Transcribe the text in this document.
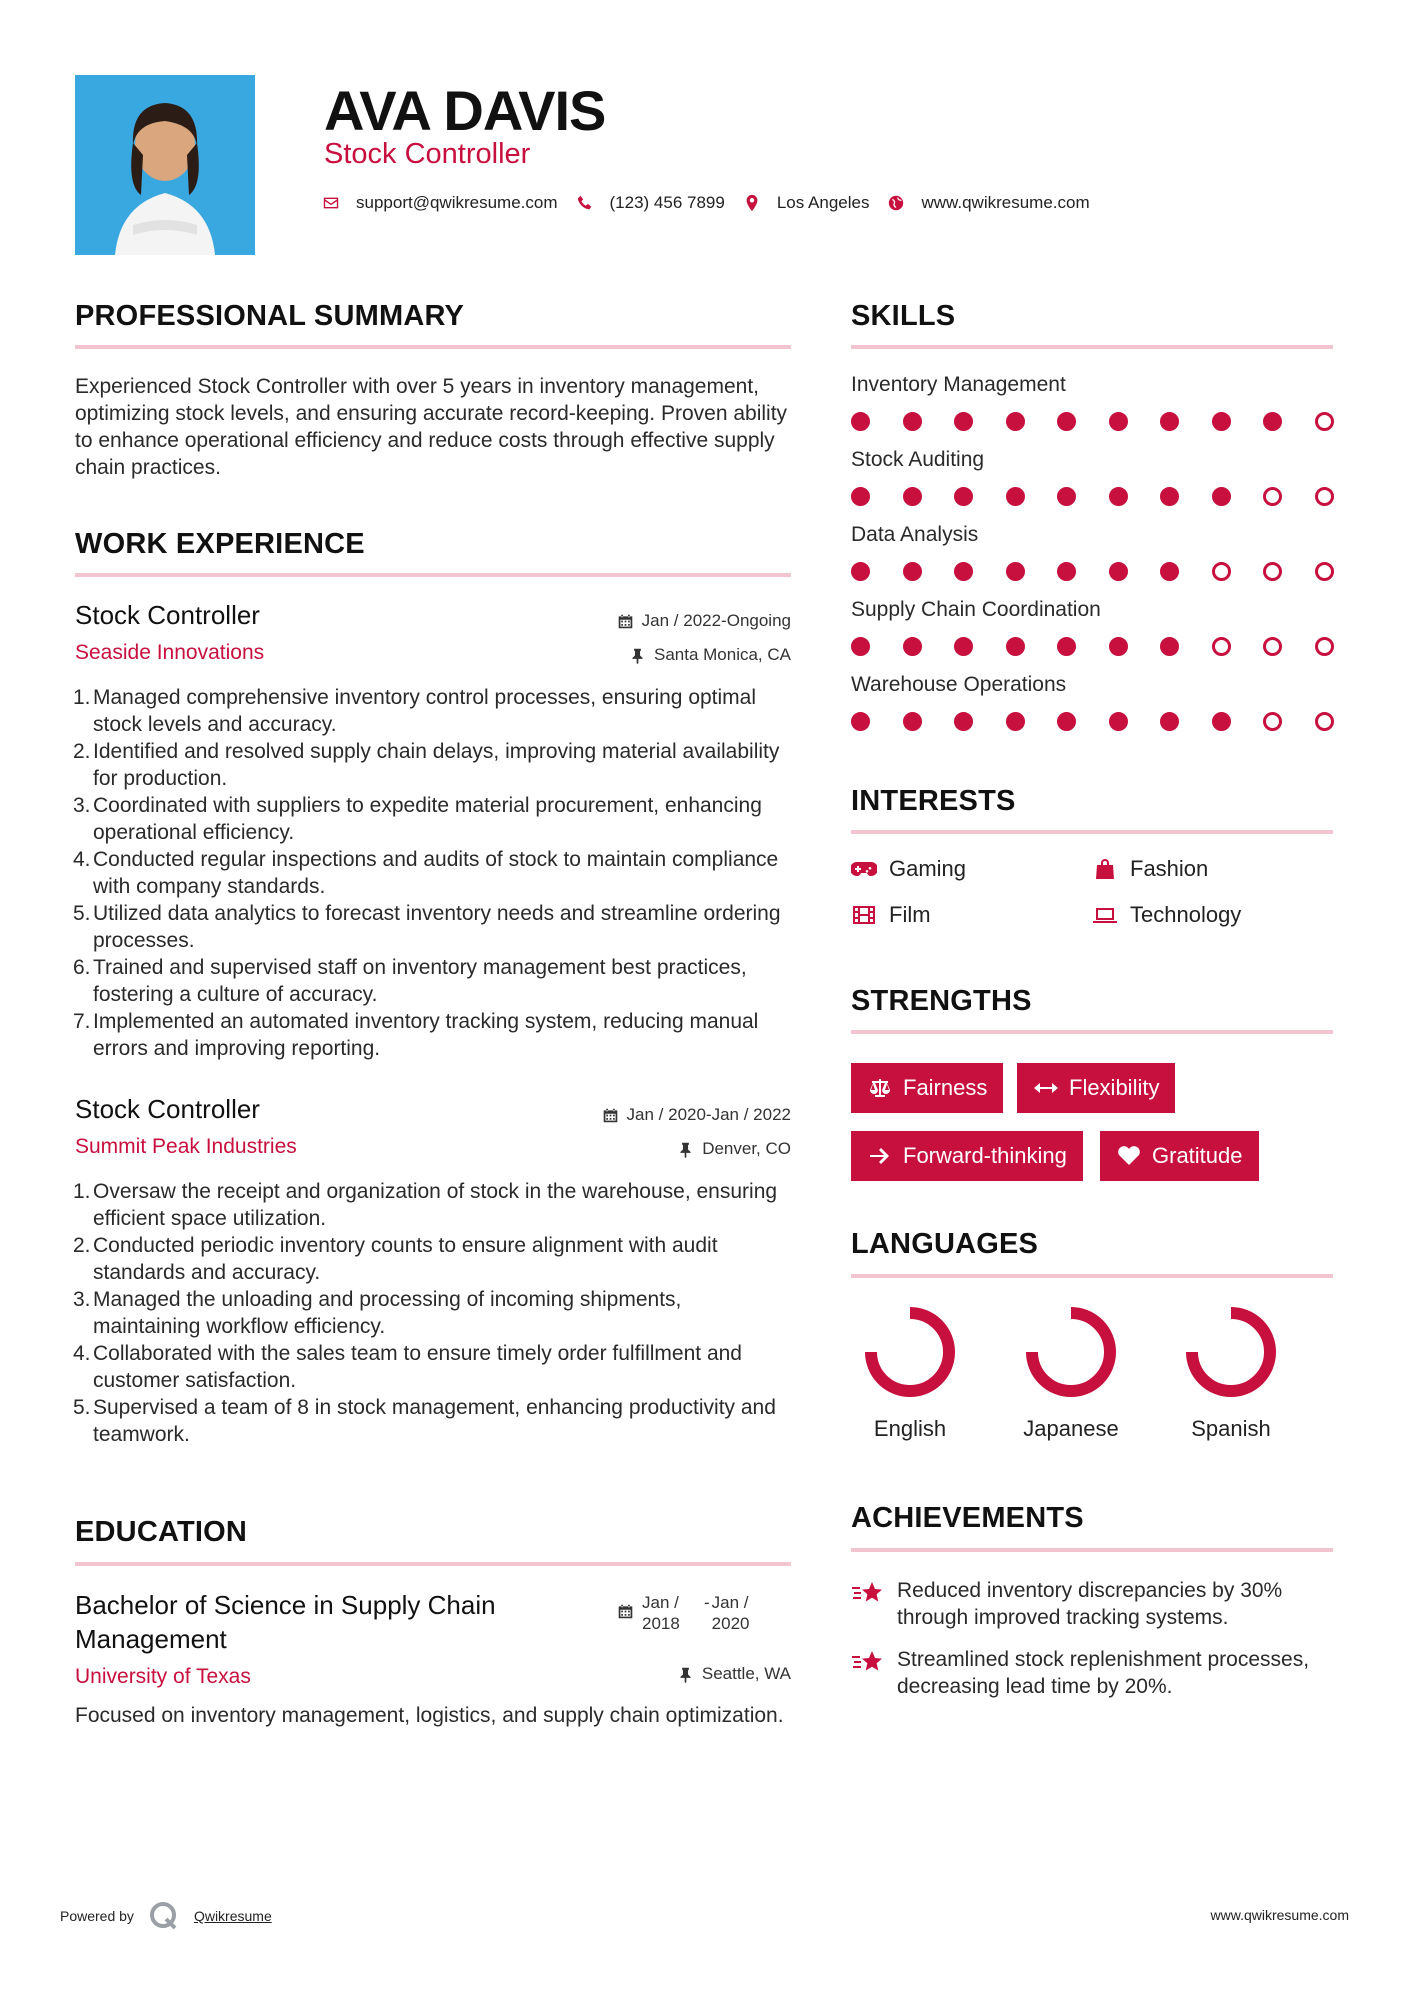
AVA DAVIS
Stock Controller
support@qwikresume.com	(123) 456 7899	Los Angeles	www.qwikresume.com
PROFESSIONAL SUMMARY
Experienced Stock Controller with over 5 years in inventory management, optimizing stock levels, and ensuring accurate record-keeping. Proven ability to enhance operational efficiency and reduce costs through effective supply chain practices.
WORK EXPERIENCE
Stock Controller
Seaside Innovations
Jan / 2022-Ongoing
Santa Monica, CA
1. Managed comprehensive inventory control processes, ensuring optimal stock levels and accuracy.
2. Identified and resolved supply chain delays, improving material availability for production.
3. Coordinated with suppliers to expedite material procurement, enhancing operational efficiency.
4. Conducted regular inspections and audits of stock to maintain compliance with company standards.
5. Utilized data analytics to forecast inventory needs and streamline ordering processes.
6. Trained and supervised staff on inventory management best practices, fostering a culture of accuracy.
7. Implemented an automated inventory tracking system, reducing manual errors and improving reporting.
Stock Controller
Summit Peak Industries
Jan / 2020-Jan / 2022
Denver, CO
1. Oversaw the receipt and organization of stock in the warehouse, ensuring efficient space utilization.
2. Conducted periodic inventory counts to ensure alignment with audit standards and accuracy.
3. Managed the unloading and processing of incoming shipments, maintaining workflow efficiency.
4. Collaborated with the sales team to ensure timely order fulfillment and customer satisfaction.
5. Supervised a team of 8 in stock management, enhancing productivity and teamwork.
EDUCATION
Bachelor of Science in Supply Chain Management
University of Texas
Jan / 2018
- Jan / 2020
Seattle, WA
Focused on inventory management, logistics, and supply chain optimization.
SKILLS
Inventory Management
Stock Auditing
Data Analysis
Supply Chain Coordination
Warehouse Operations
INTERESTS
Gaming	Fashion
Film	Technology
STRENGTHS
Fairness	Flexibility
Forward-thinking	Gratitude
LANGUAGES
English	Japanese	Spanish
ACHIEVEMENTS
Reduced inventory discrepancies by 30% through improved tracking systems.
Streamlined stock replenishment processes, decreasing lead time by 20%.
Powered by	Qwikresume	www.qwikresume.com
